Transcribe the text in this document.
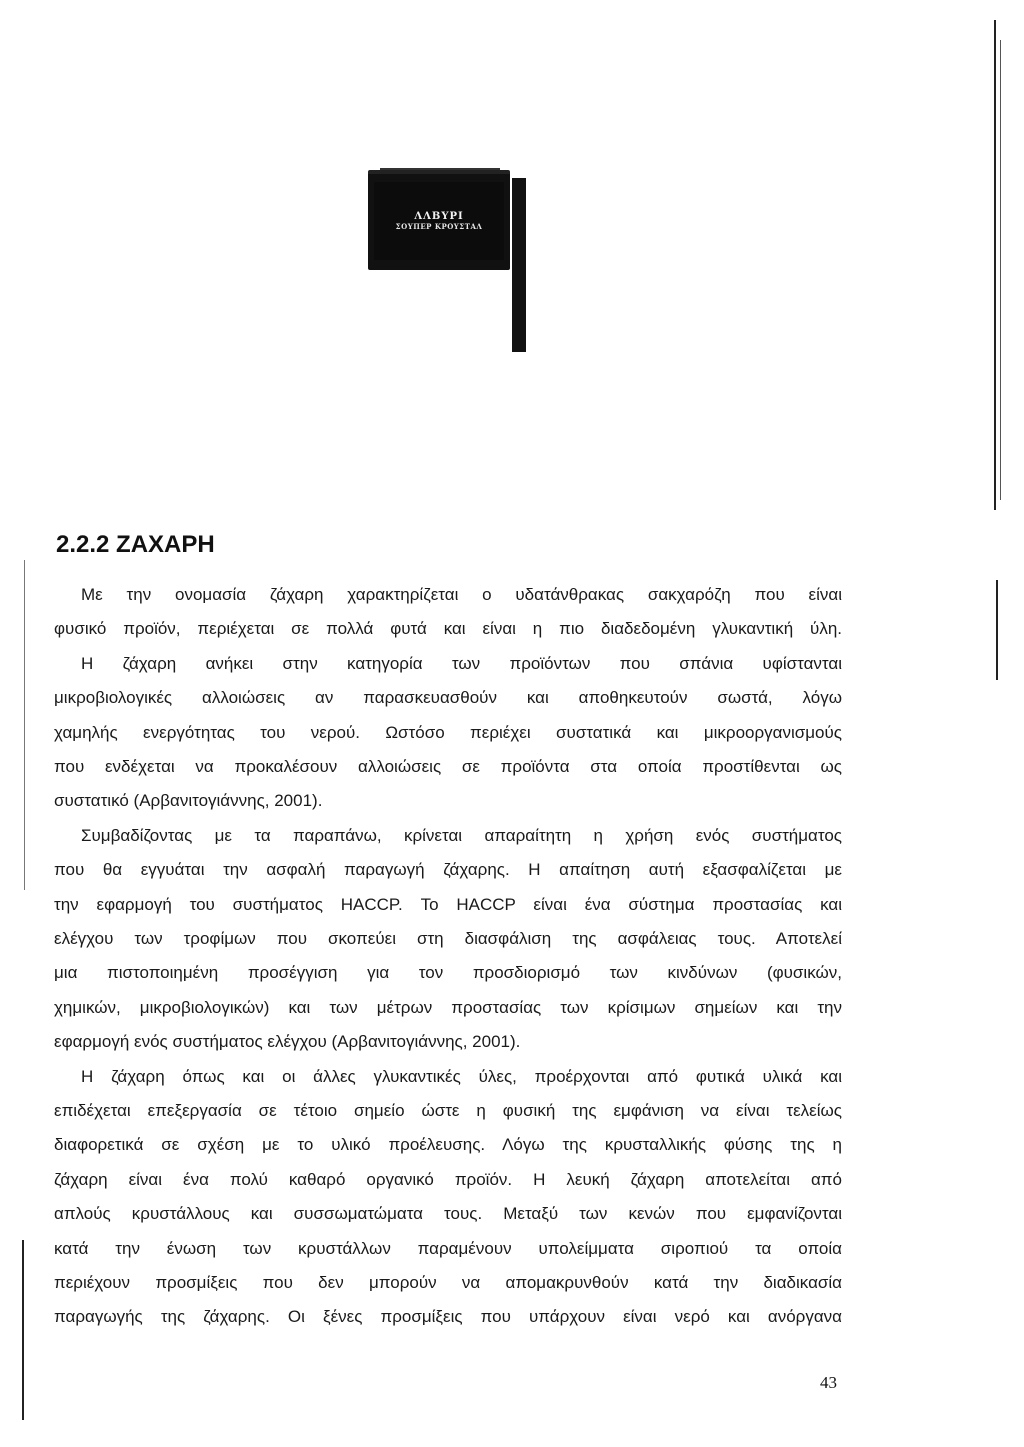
ΛΛΒΥΡΙ
ΣΟΥΠΕΡ ΚΡΟΥΣΤΑΛ
2.2.2 ΖΑΧΑΡΗ

Με την ονομασία ζάχαρη χαρακτηρίζεται ο υδατάνθρακας σακχαρόζη που είναι

φυσικό προϊόν, περιέχεται σε πολλά φυτά και είναι η πιο διαδεδομένη γλυκαντική ύλη.

Η ζάχαρη ανήκει στην κατηγορία των προϊόντων που σπάνια υφίστανται

μικροβιολογικές αλλοιώσεις αν παρασκευασθούν και αποθηκευτούν σωστά, λόγω

χαμηλής ενεργότητας του νερού. Ωστόσο περιέχει συστατικά και μικροοργανισμούς

που ενδέχεται να προκαλέσουν αλλοιώσεις σε προϊόντα στα οποία προστίθενται ως

συστατικό (Αρβανιτογιάννης, 2001).

Συμβαδίζοντας με τα παραπάνω, κρίνεται απαραίτητη η χρήση ενός συστήματος

που θα εγγυάται την ασφαλή παραγωγή ζάχαρης. Η απαίτηση αυτή εξασφαλίζεται με

την εφαρμογή του συστήματος HACCP. Το HACCP είναι ένα σύστημα προστασίας και

ελέγχου των τροφίμων που σκοπεύει στη διασφάλιση της ασφάλειας τους. Αποτελεί

μια πιστοποιημένη προσέγγιση για τον προσδιορισμό των κινδύνων (φυσικών,

χημικών, μικροβιολογικών) και των μέτρων προστασίας των κρίσιμων σημείων και την

εφαρμογή ενός συστήματος ελέγχου (Αρβανιτογιάννης, 2001).

Η ζάχαρη όπως και οι άλλες γλυκαντικές ύλες, προέρχονται από φυτικά υλικά και

επιδέχεται επεξεργασία σε τέτοιο σημείο ώστε η φυσική της εμφάνιση να είναι τελείως

διαφορετικά σε σχέση με το υλικό προέλευσης. Λόγω της κρυσταλλικής φύσης της η

ζάχαρη είναι ένα πολύ καθαρό οργανικό προϊόν. Η λευκή ζάχαρη αποτελείται από

απλούς κρυστάλλους και συσσωματώματα τους. Μεταξύ των κενών που εμφανίζονται

κατά την ένωση των κρυστάλλων παραμένουν υπολείμματα σιροπιού τα οποία

περιέχουν προσμίξεις που δεν μπορούν να απομακρυνθούν κατά την διαδικασία

παραγωγής της ζάχαρης. Οι ξένες προσμίξεις που υπάρχουν είναι νερό και ανόργανα

43
